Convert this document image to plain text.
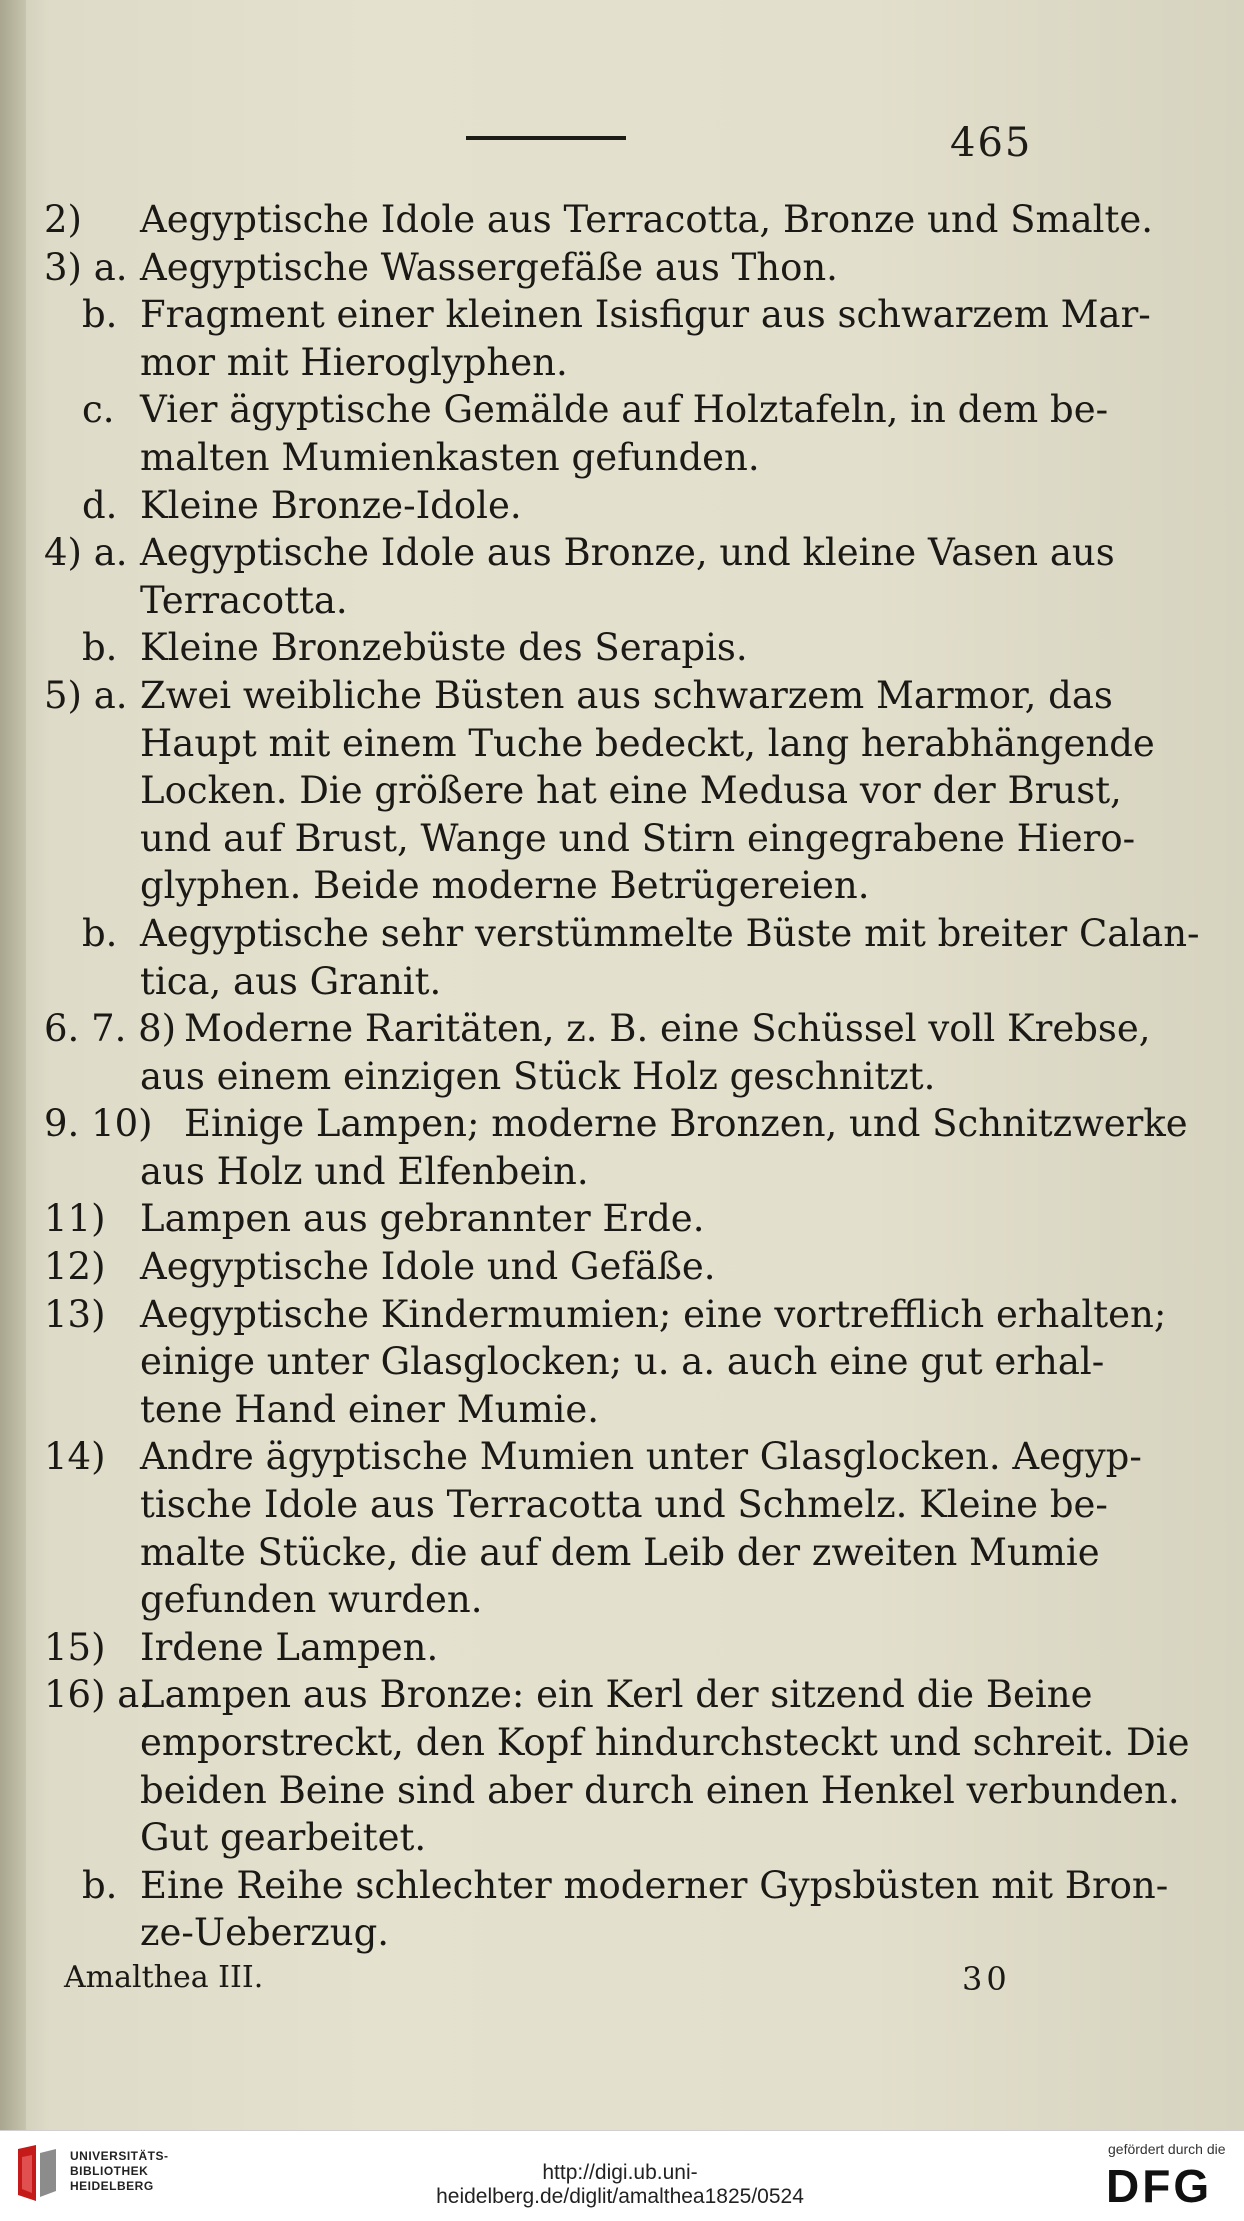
465
2) Aegyptische Idole aus Terracotta, Bronze und Smalte.
3) a. Aegyptische Wassergefäße aus Thon.
b. Fragment einer kleinen Isisfigur aus schwarzem Mar-
mor mit Hieroglyphen.
c. Vier ägyptische Gemälde auf Holztafeln, in dem be-
malten Mumienkasten gefunden.
d. Kleine Bronze-Idole.
4) a. Aegyptische Idole aus Bronze, und kleine Vasen aus
Terracotta.
b. Kleine Bronzebüste des Serapis.
5) a. Zwei weibliche Büsten aus schwarzem Marmor, das
Haupt mit einem Tuche bedeckt, lang herabhängende
Locken. Die größere hat eine Medusa vor der Brust,
und auf Brust, Wange und Stirn eingegrabene Hiero-
glyphen. Beide moderne Betrügereien.
b. Aegyptische sehr verstümmelte Büste mit breiter Calan-
tica, aus Granit.
6. 7. 8) Moderne Raritäten, z. B. eine Schüssel voll Krebse,
aus einem einzigen Stück Holz geschnitzt.
9. 10) Einige Lampen; moderne Bronzen, und Schnitzwerke
aus Holz und Elfenbein.
11) Lampen aus gebrannter Erde.
12) Aegyptische Idole und Gefäße.
13) Aegyptische Kindermumien; eine vortrefflich erhalten;
einige unter Glasglocken; u. a. auch eine gut erhal-
tene Hand einer Mumie.
14) Andre ägyptische Mumien unter Glasglocken. Aegyp-
tische Idole aus Terracotta und Schmelz. Kleine be-
malte Stücke, die auf dem Leib der zweiten Mumie
gefunden wurden.
15) Irdene Lampen.
16) a.
Lampen aus Bronze: ein Kerl der sitzend die Beine
emporstreckt, den Kopf hindurchsteckt und schreit. Die
beiden Beine sind aber durch einen Henkel verbunden.
Gut gearbeitet.
b. Eine Reihe schlechter moderner Gypsbüsten mit Bron-
ze-Ueberzug.
Amalthea III.	30
UNIVERSITÄTS-
BIBLIOTHEK
HEIDELBERG
http://digi.ub.uni-heidelberg.de/diglit/amalthea1825/0524
gefördert durch die
DFG
